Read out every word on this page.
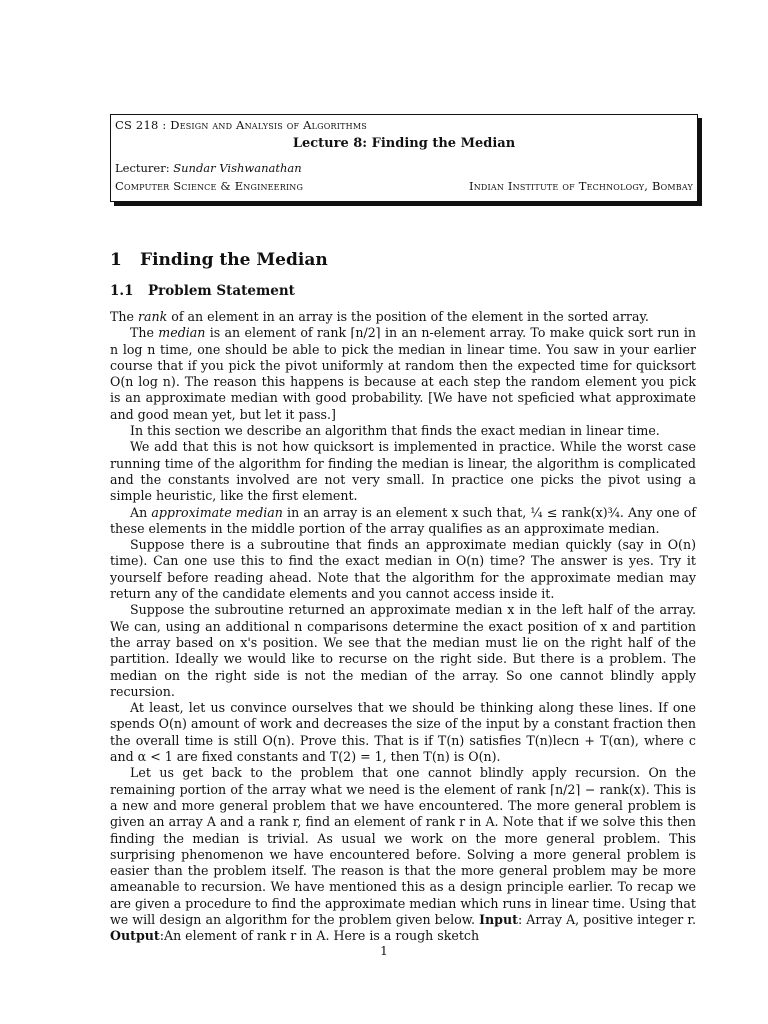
CS 218 : Design and Analysis of Algorithms
Lecture 8: Finding the Median
Lecturer: Sundar Vishwanathan
Computer Science & Engineering	Indian Institute of Technology, Bombay
1 Finding the Median
1.1 Problem Statement

The rank of an element in an array is the position of the element in the sorted array.

The median is an element of rank ⌈n/2⌉ in an n-element array. To make quick sort run in n log n time, one should be able to pick the median in linear time. You saw in your earlier course that if you pick the pivot uniformly at random then the expected time for quicksort O(n log n). The reason this happens is because at each step the random element you pick is an approximate median with good probability. [We have not speficied what approximate and good mean yet, but let it pass.]

In this section we describe an algorithm that finds the exact median in linear time.

We add that this is not how quicksort is implemented in practice. While the worst case running time of the algorithm for finding the median is linear, the algorithm is complicated and the constants involved are not very small. In practice one picks the pivot using a simple heuristic, like the first element.

An approximate median in an array is an element x such that, ¼ ≤ rank(x)¾. Any one of these elements in the middle portion of the array qualifies as an approximate median.

Suppose there is a subroutine that finds an approximate median quickly (say in O(n) time). Can one use this to find the exact median in O(n) time? The answer is yes. Try it yourself before reading ahead. Note that the algorithm for the approximate median may return any of the candidate elements and you cannot access inside it.

Suppose the subroutine returned an approximate median x in the left half of the array. We can, using an additional n comparisons determine the exact position of x and partition the array based on x's position. We see that the median must lie on the right half of the partition. Ideally we would like to recurse on the right side. But there is a problem. The median on the right side is not the median of the array. So one cannot blindly apply recursion.

At least, let us convince ourselves that we should be thinking along these lines. If one spends O(n) amount of work and decreases the size of the input by a constant fraction then the overall time is still O(n). Prove this. That is if T(n) satisfies T(n)lecn + T(αn), where c and α < 1 are fixed constants and T(2) = 1, then T(n) is O(n).

Let us get back to the problem that one cannot blindly apply recursion. On the remaining portion of the array what we need is the element of rank ⌈n/2⌉ − rank(x). This is a new and more general problem that we have encountered. The more general problem is given an array A and a rank r, find an element of rank r in A. Note that if we solve this then finding the median is trivial. As usual we work on the more general problem. This surprising phenomenon we have encountered before. Solving a more general problem is easier than the problem itself. The reason is that the more general problem may be more ameanable to recursion. We have mentioned this as a design principle earlier. To recap we are given a procedure to find the approximate median which runs in linear time. Using that we will design an algorithm for the problem given below. Input: Array A, positive integer r. Output:An element of rank r in A. Here is a rough sketch

1
